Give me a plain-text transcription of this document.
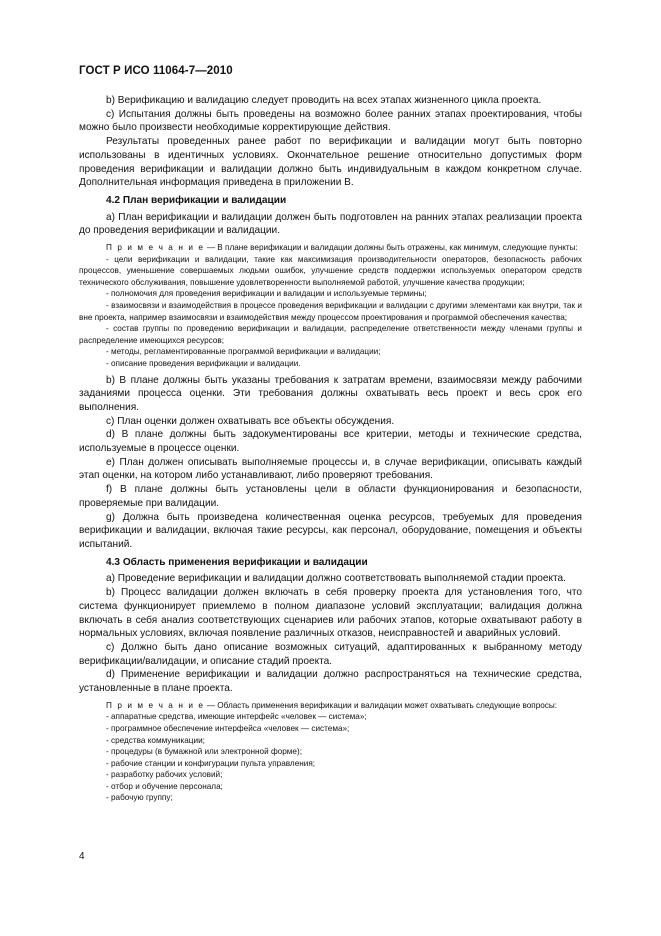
ГОСТ Р ИСО 11064-7—2010

b) Верификацию и валидацию следует проводить на всех этапах жизненного цикла проекта.

c) Испытания должны быть проведены на возможно более ранних этапах проектирования, чтобы можно было произвести необходимые корректирующие действия.

Результаты проведенных ранее работ по верификации и валидации могут быть повторно использованы в идентичных условиях. Окончательное решение относительно допустимых форм проведения верификации и валидации должно быть индивидуальным в каждом конкретном случае. Дополнительная информация приведена в приложении В.

4.2 План верификации и валидации

а) План верификации и валидации должен быть подготовлен на ранних этапах реализации проекта до проведения верификации и валидации.

П р и м е ч а н и е — В плане верификации и валидации должны быть отражены, как минимум, следующие пункты:

- цели верификации и валидации, такие как максимизация производительности операторов, безопасность рабочих процессов, уменьшение совершаемых людьми ошибок, улучшение средств поддержки используемых оператором средств технического обслуживания, повышение удовлетворенности выполняемой работой, улучшение качества продукции;

- полномочия для проведения верификации и валидации и используемые термины;

- взаимосвязи и взаимодействия в процессе проведения верификации и валидации с другими элементами как внутри, так и вне проекта, например взаимосвязи и взаимодействия между процессом проектирования и программой обеспечения качества;

- состав группы по проведению верификации и валидации, распределение ответственности между членами группы и распределение имеющихся ресурсов;

- методы, регламентированные программой верификации и валидации;

- описание проведения верификации и валидации.

b) В плане должны быть указаны требования к затратам времени, взаимосвязи между рабочими заданиями процесса оценки. Эти требования должны охватывать весь проект и весь срок его выполнения.

c) План оценки должен охватывать все объекты обсуждения.

d) В плане должны быть задокументированы все критерии, методы и технические средства, используемые в процессе оценки.

e) План должен описывать выполняемые процессы и, в случае верификации, описывать каждый этап оценки, на котором либо устанавливают, либо проверяют требования.

f) В плане должны быть установлены цели в области функционирования и безопасности, проверяемые при валидации.

g) Должна быть произведена количественная оценка ресурсов, требуемых для проведения верификации и валидации, включая такие ресурсы, как персонал, оборудование, помещения и объекты испытаний.

4.3 Область применения верификации и валидации

а) Проведение верификации и валидации должно соответствовать выполняемой стадии проекта.

b) Процесс валидации должен включать в себя проверку проекта для установления того, что система функционирует приемлемо в полном диапазоне условий эксплуатации; валидация должна включать в себя анализ соответствующих сценариев или рабочих этапов, которые охватывают работу в нормальных условиях, включая появление различных отказов, неисправностей и аварийных условий.

c) Должно быть дано описание возможных ситуаций, адаптированных к выбранному методу верификации/валидации, и описание стадий проекта.

d) Применение верификации и валидации должно распространяться на технические средства, установленные в плане проекта.

П р и м е ч а н и е — Область применения верификации и валидации может охватывать следующие вопросы:

- аппаратные средства, имеющие интерфейс «человек — система»;

- программное обеспечение интерфейса «человек — система»;

- средства коммуникации;

- процедуры (в бумажной или электронной форме);

- рабочие станции и конфигурации пульта управления;

- разработку рабочих условий;

- отбор и обучение персонала;

- рабочую группу;

4
